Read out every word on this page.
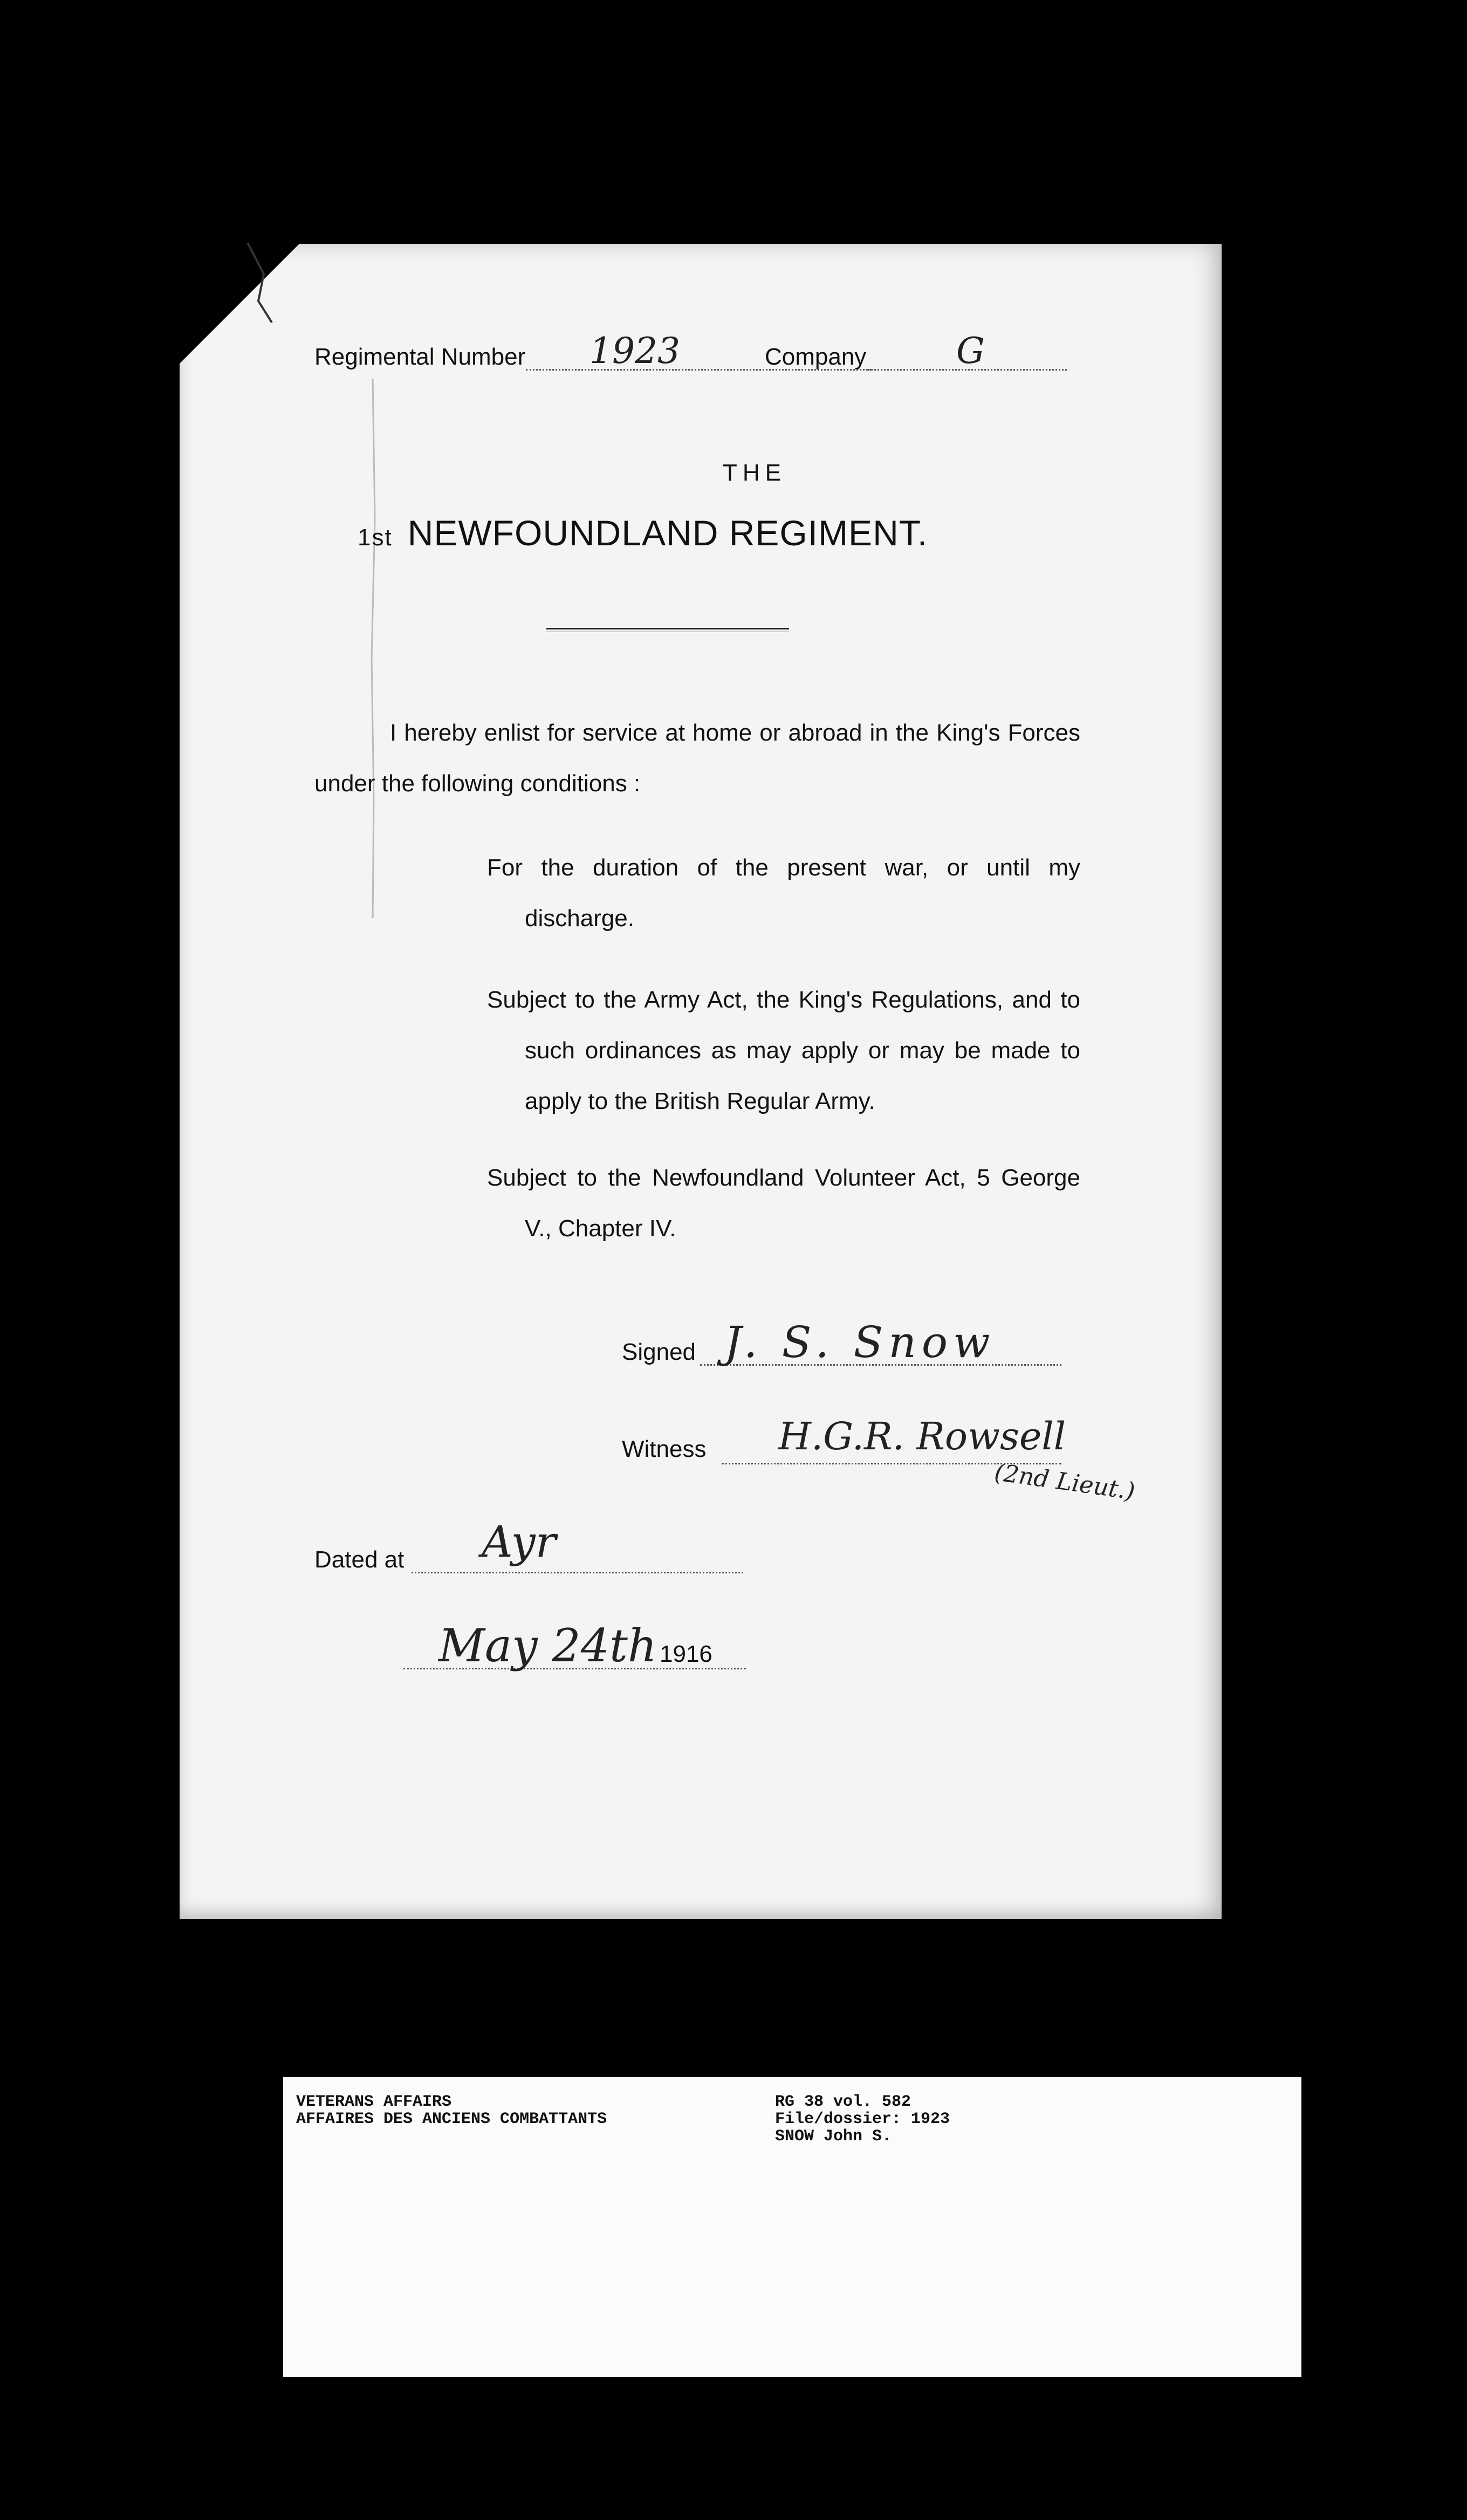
Regimental Number 1923	Company	G
THE
1st NEWFOUNDLAND REGIMENT.
I hereby enlist for service at home or abroad in the King's Forces under the following conditions :
For the duration of the present war, or until my discharge.
Subject to the Army Act, the King's Regulations, and to such ordinances as may apply or may be made to apply to the British Regular Army.
Subject to the Newfoundland Volunteer Act, 5 George V., Chapter IV.
Signed J. S. Snow
Witness H.G.R. Rowsell
(2nd Lieut.)
Dated at Ayr
May 24th 1916
VETERANS AFFAIRS
AFFAIRES DES ANCIENS COMBATTANTS
RG 38 vol. 582
File/dossier: 1923
SNOW John S.
